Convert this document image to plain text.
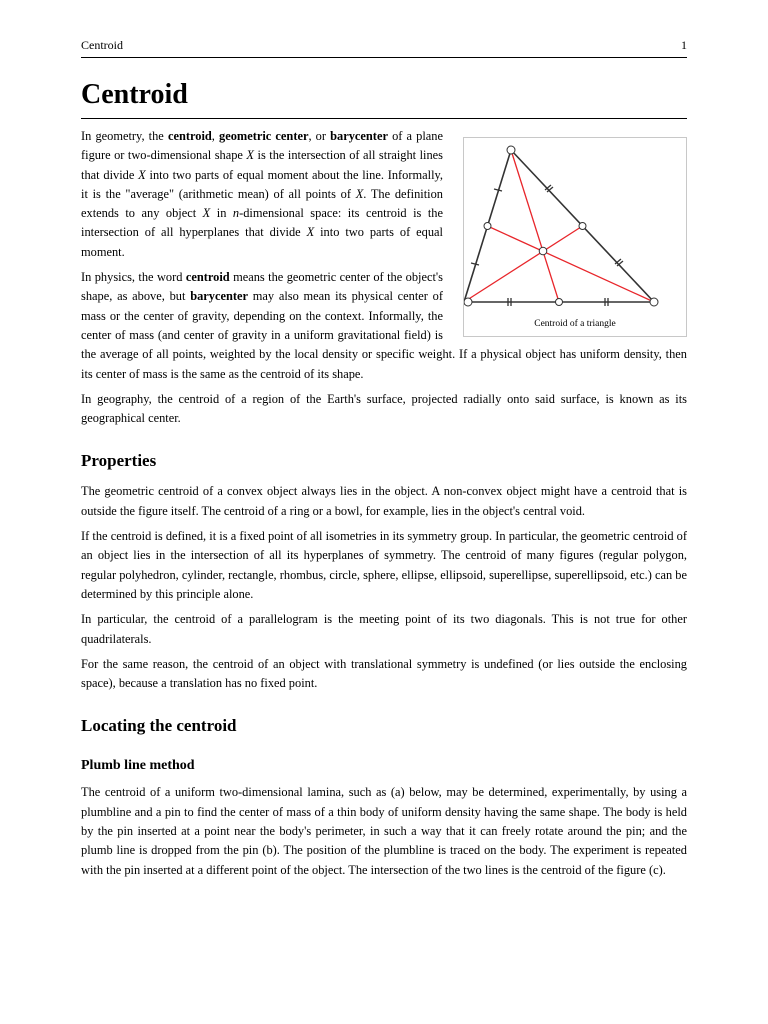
Centroid	1
Centroid
Centroid of a triangle

In geometry, the centroid, geometric center, or barycenter of a plane figure or two-dimensional shape X is the intersection of all straight lines that divide X into two parts of equal moment about the line. Informally, it is the "average" (arithmetic mean) of all points of X. The definition extends to any object X in n-dimensional space: its centroid is the intersection of all hyperplanes that divide X into two parts of equal moment.

In physics, the word centroid means the geometric center of the object's shape, as above, but barycenter may also mean its physical center of mass or the center of gravity, depending on the context. Informally, the center of mass (and center of gravity in a uniform gravitational field) is the average of all points, weighted by the local density or specific weight. If a physical object has uniform density, then its center of mass is the same as the centroid of its shape.

In geography, the centroid of a region of the Earth's surface, projected radially onto said surface, is known as its geographical center.

Properties

The geometric centroid of a convex object always lies in the object. A non-convex object might have a centroid that is outside the figure itself. The centroid of a ring or a bowl, for example, lies in the object's central void.

If the centroid is defined, it is a fixed point of all isometries in its symmetry group. In particular, the geometric centroid of an object lies in the intersection of all its hyperplanes of symmetry. The centroid of many figures (regular polygon, regular polyhedron, cylinder, rectangle, rhombus, circle, sphere, ellipse, ellipsoid, superellipse, superellipsoid, etc.) can be determined by this principle alone.

In particular, the centroid of a parallelogram is the meeting point of its two diagonals. This is not true for other quadrilaterals.

For the same reason, the centroid of an object with translational symmetry is undefined (or lies outside the enclosing space), because a translation has no fixed point.

Locating the centroid
Plumb line method

The centroid of a uniform two-dimensional lamina, such as (a) below, may be determined, experimentally, by using a plumbline and a pin to find the center of mass of a thin body of uniform density having the same shape. The body is held by the pin inserted at a point near the body's perimeter, in such a way that it can freely rotate around the pin; and the plumb line is dropped from the pin (b). The position of the plumbline is traced on the body. The experiment is repeated with the pin inserted at a different point of the object. The intersection of the two lines is the centroid of the figure (c).
